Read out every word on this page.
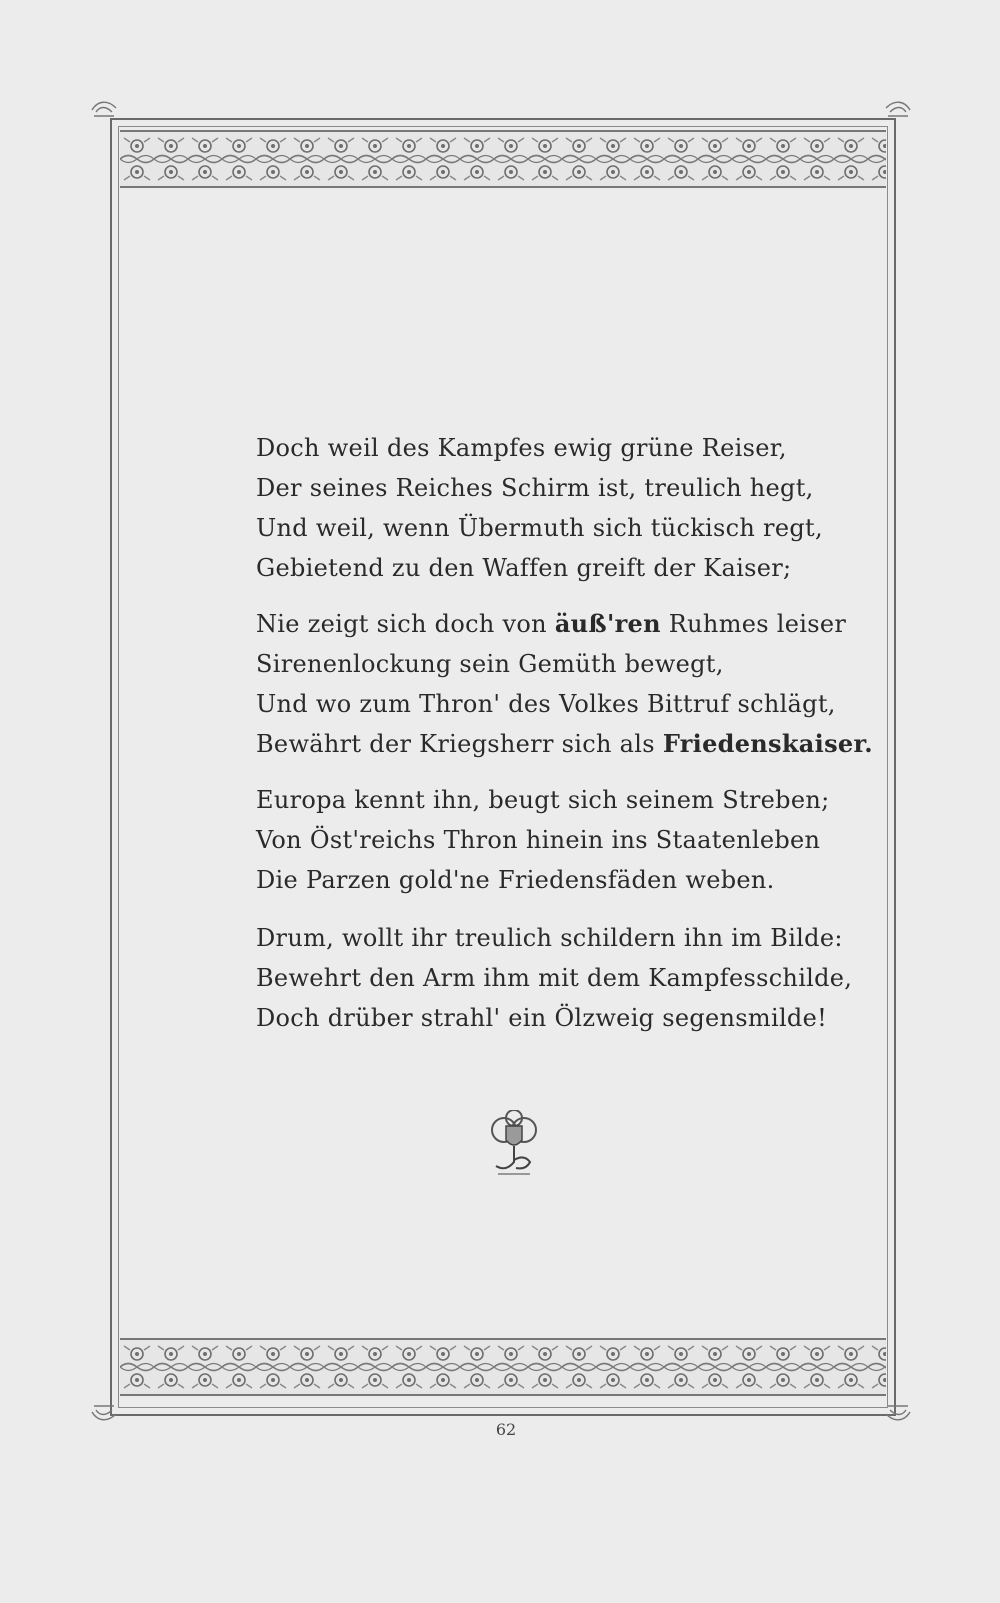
Doch weil des Kampfes ewig grüne Reiser,
Der seines Reiches Schirm ist, treulich hegt,
Und weil, wenn Übermuth sich tückisch regt,
Gebietend zu den Waffen greift der Kaiser;
Nie zeigt sich doch von äuß'ren Ruhmes leiser
Sirenenlockung sein Gemüth bewegt,
Und wo zum Thron' des Volkes Bittruf schlägt,
Bewährt der Kriegsherr sich als Friedenskaiser.
Europa kennt ihn, beugt sich seinem Streben;
Von Öst'reichs Thron hinein ins Staatenleben
Die Parzen gold'ne Friedensfäden weben.
Drum, wollt ihr treulich schildern ihn im Bilde:
Bewehrt den Arm ihm mit dem Kampfesschilde,
Doch drüber strahl' ein Ölzweig segensmilde!
62
